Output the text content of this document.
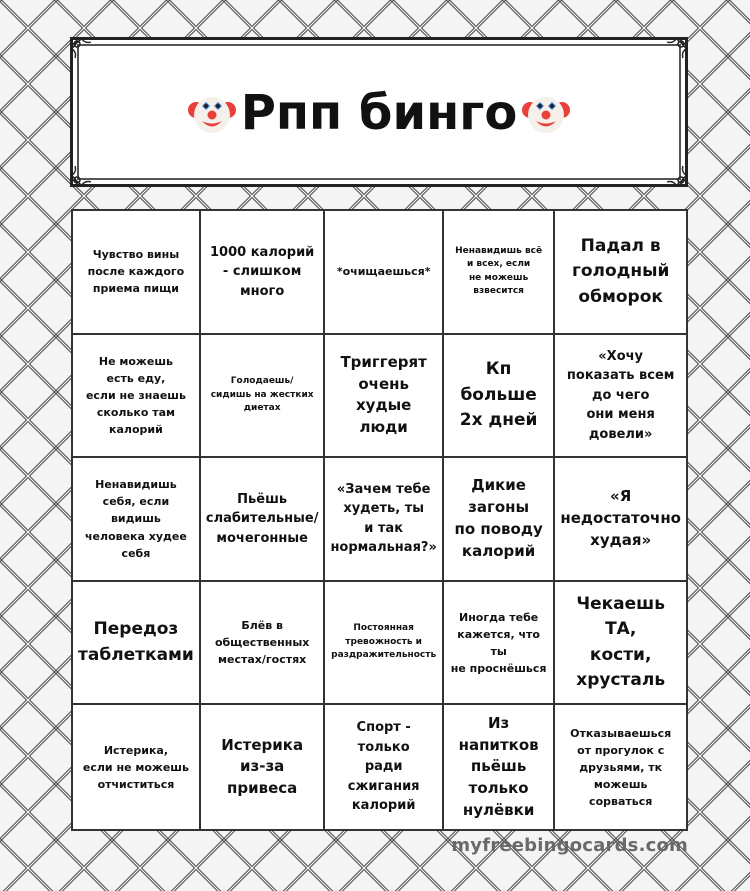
Рпп бинго
Чувство вины
после каждого
приема пищи
1000 калорий
- слишком
много
*очищаешься*
Ненавидишь всё
и всех, если
не можешь
взвесится
Падал в
голодный
обморок
Не можешь
есть еду,
если не знаешь
сколько там
калорий
Голодаешь/
сидишь на жестких
диетах
Триггерят
очень худые
люди
Кп больше
2х дней
«Хочу
показать всем
до чего
они меня
довели»
Ненавидишь
себя, если
видишь
человека худее
себя
Пьёшь
слабительные/
мочегонные
«Зачем тебе
худеть, ты
и так
нормальная?»
Дикие загоны
по поводу
калорий
«Я
недостаточно
худая»
Передоз
таблетками
Блёв в
общественных
местах/гостях
Постоянная
тревожность и
раздражительность
Иногда тебе
кажется, что ты
не проснёшься
Чекаешь ТА,
кости,
хрусталь
Истерика,
если не можешь
отчиститься
Истерика
из-за привеса
Спорт - только
ради
сжигания
калорий
Из напитков
пьёшь
только
нулёвки
Отказываешься
от прогулок с
друзьями, тк
можешь
сорваться
myfreebingocards.com
